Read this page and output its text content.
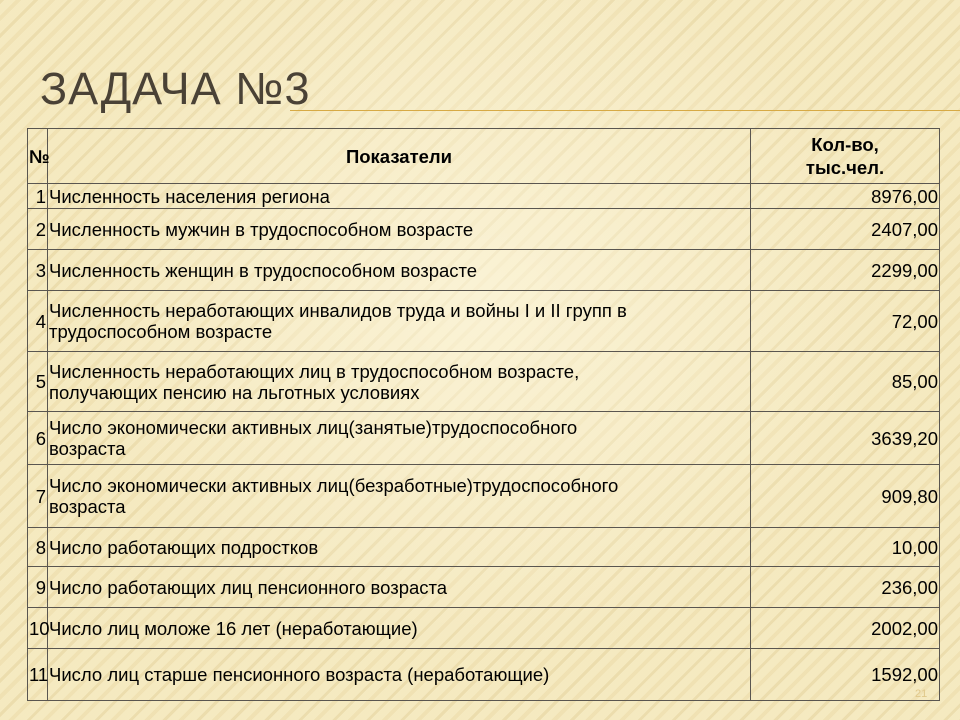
ЗАДАЧА №3
№	Показатели	Кол-во,
тыс.чел.
1	Численность населения региона	8976,00
2	Численность мужчин в трудоспособном возрасте	2407,00
3	Численность женщин в трудоспособном возрасте	2299,00
4	Численность неработающих инвалидов труда и войны I и II групп в
трудоспособном возрасте	72,00
5	Численность неработающих лиц в трудоспособном возрасте,
получающих пенсию на льготных условиях	85,00
6	Число экономически активных лиц(занятые)трудоспособного
возраста	3639,20
7	Число экономически активных лиц(безработные)трудоспособного
возраста	909,80
8	Число работающих подростков	10,00
9	Число работающих лиц пенсионного возраста	236,00
10	Число лиц моложе 16 лет (неработающие)	2002,00
11	Число лиц старше пенсионного возраста (неработающие)	1592,00
21
